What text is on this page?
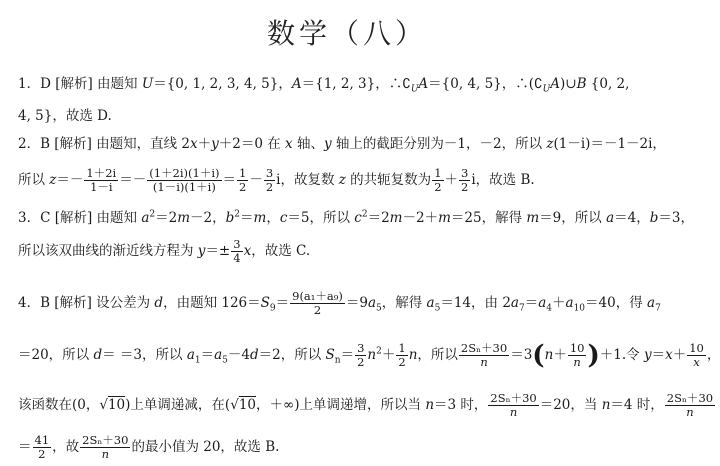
数学（八）
1．D [解析] 由题知 U＝{0, 1, 2, 3, 4, 5}，A＝{1, 2, 3}，$\therefore∁_UA=\{0$, 4, 5}，$\therefore(∁_UA)\cup B$ {0, 2,
4, 5}，故选 D.
2．B [解析] 由题知，直线 2x＋y＋2＝0 在 x 轴、y 轴上的截距分别为－1，－2，所以 z(1－i)＝－1－2i，
所以 $z=- \frac{1+2i}{1-i} =- \frac{(1+2i)(1+i)}{(1-i)(1+i)} = \frac{1}{2} - \frac{3}{2}$ i，故复数 z 的共轭复数为 $\frac{1}{2} + \frac{3}{2}$ i，故选 B.
3．C [解析] 由题知 $a^2=2m-2$，$b^2=m$，c＝5，所以 $c^2=2m-2+m=25$，解得 m＝9，所以 a＝4，b＝3，
所以该双曲线的渐近线方程为 $y=\pm \frac{3}{4}$ x，故选 C.
4．B [解析] 设公差为 d，由题知 $126=S_9= \frac{\text{9(a₁＋a₉)}}{2} =9a_5$，解得 $a_5=14$，由 $2a_7=a_4+a_{10}=40$，得 $a_7$
＝20，所以 d＝ ＝3，所以 $a_1=a_5-4d=2$，所以 $S_n= \frac{3}{2} n^2+ \frac{1}{2}$ n，所以 $\frac{\text{2Sₙ＋30}}{n} =3(n+ \frac{10}{n} )+1$.令 $y=x+ \frac{10}{x}$ ，
该函数在(0，√10)上单调递减，在(√10，＋∞)上单调递增，所以当 n＝3 时， $\frac{\text{2Sₙ＋30}}{n} =20$，当 n＝4 时， $\frac{\text{2Sₙ＋30}}{n}$
＝ $\frac{41}{2}$ ，故 $\frac{\text{2Sₙ＋30}}{n}$ 的最小值为 20，故选 B.
